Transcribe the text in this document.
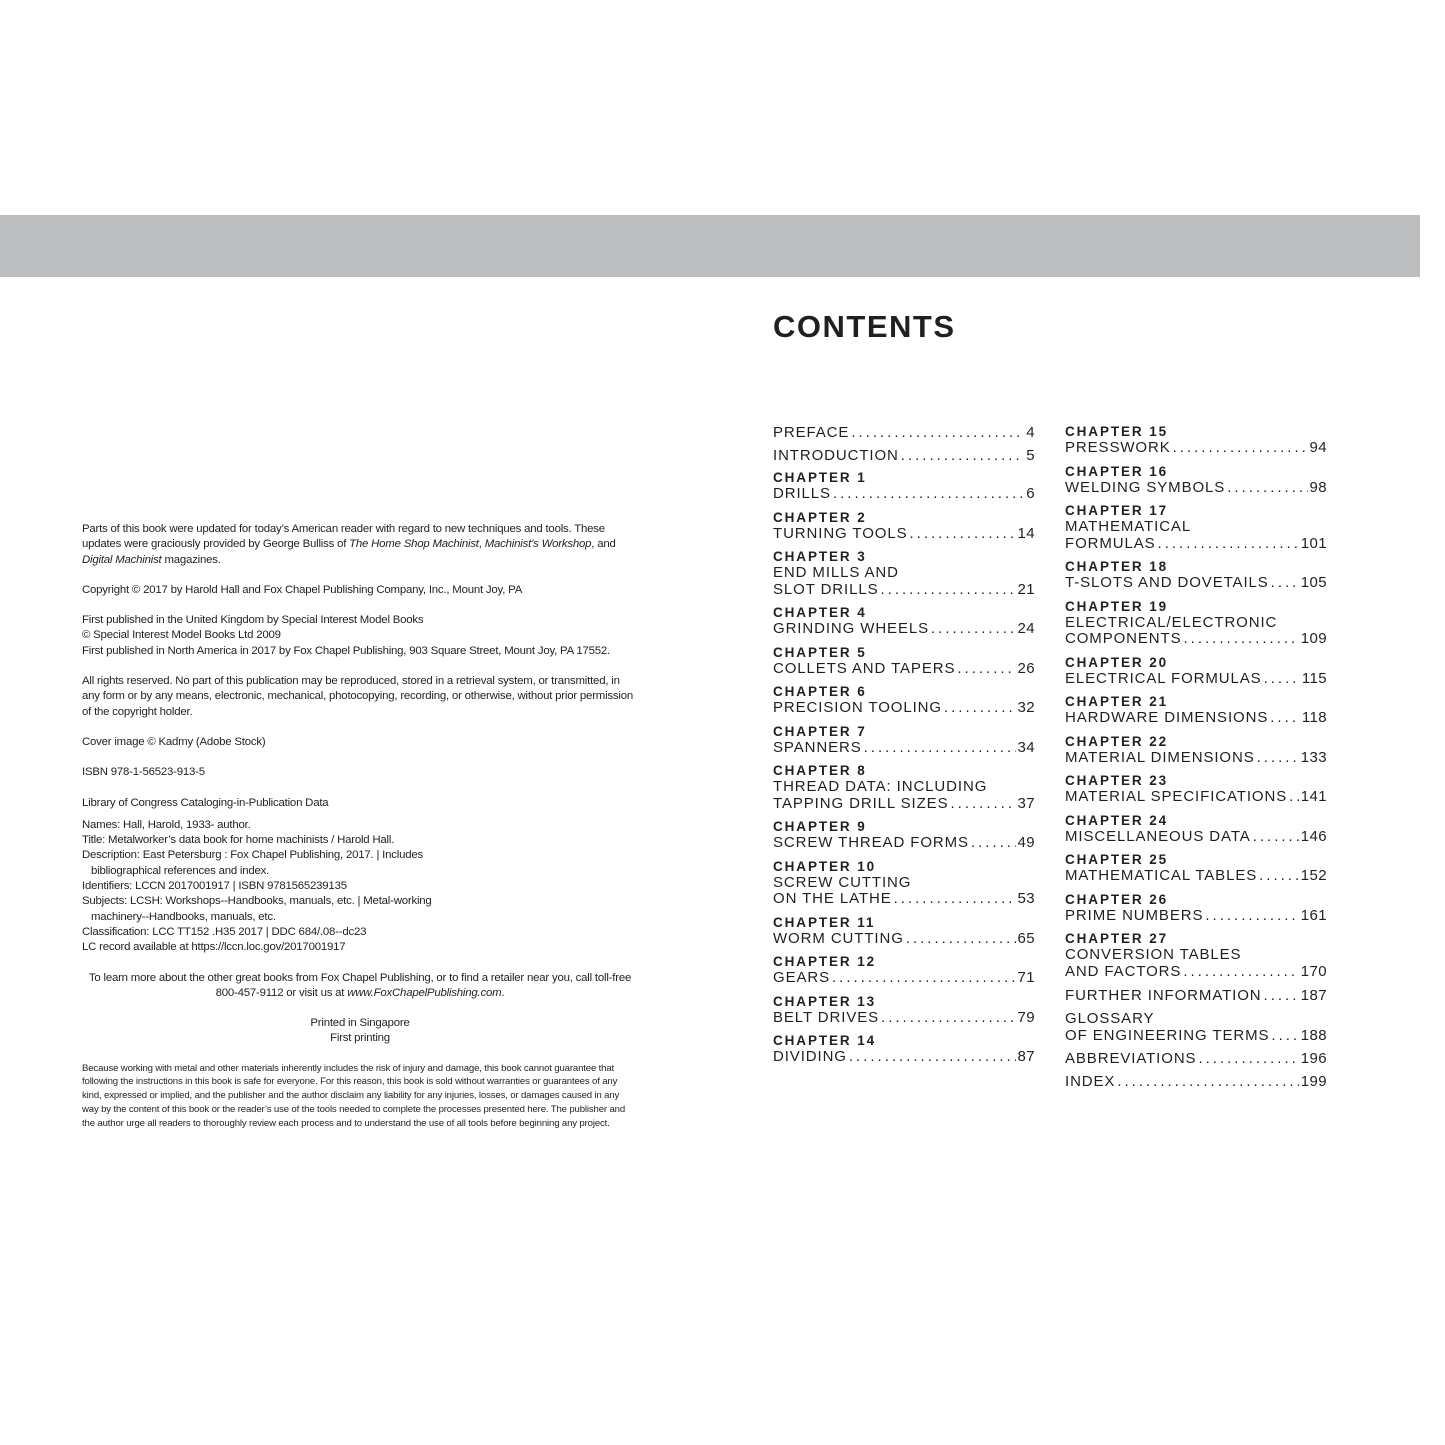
Parts of this book were updated for today’s American reader with regard to new techniques and tools. These updates were graciously provided by George Bulliss of The Home Shop Machinist, Machinist’s Workshop, and Digital Machinist magazines.

Copyright © 2017 by Harold Hall and Fox Chapel Publishing Company, Inc., Mount Joy, PA

First published in the United Kingdom by Special Interest Model Books

© Special Interest Model Books Ltd 2009

First published in North America in 2017 by Fox Chapel Publishing, 903 Square Street, Mount Joy, PA 17552.

All rights reserved. No part of this publication may be reproduced, stored in a retrieval system, or transmitted, in any form or by any means, electronic, mechanical, photocopying, recording, or otherwise, without prior permission of the copyright holder.

Cover image © Kadmy (Adobe Stock)

ISBN 978-1-56523-913-5

Library of Congress Cataloging-in-Publication Data

Names: Hall, Harold, 1933- author.

Title: Metalworker’s data book for home machinists / Harold Hall.

Description: East Petersburg : Fox Chapel Publishing, 2017. | Includes

bibliographical references and index.

Identifiers: LCCN 2017001917 | ISBN 9781565239135

Subjects: LCSH: Workshops--Handbooks, manuals, etc. | Metal-working

machinery--Handbooks, manuals, etc.

Classification: LCC TT152 .H35 2017 | DDC 684/.08--dc23

LC record available at https://lccn.loc.gov/2017001917

To learn more about the other great books from Fox Chapel Publishing, or to find a retailer near you, call toll-free 800-457-9112 or visit us at www.FoxChapelPublishing.com.

Printed in Singapore

First printing

Because working with metal and other materials inherently includes the risk of injury and damage, this book cannot guarantee that following the instructions in this book is safe for everyone. For this reason, this book is sold without warranties or guarantees of any kind, expressed or implied, and the publisher and the author disclaim any liability for any injuries, losses, or damages caused in any way by the content of this book or the reader’s use of the tools needed to complete the processes presented here. The publisher and the author urge all readers to thoroughly review each process and to understand the use of all tools before beginning any project.

CONTENTS
PREFACE .....	4
INTRODUCTION .....	5
CHAPTER 1
DRILLS .....	6
CHAPTER 2
TURNING TOOLS .....	14
CHAPTER 3
END MILLS AND
SLOT DRILLS .....	21
CHAPTER 4
GRINDING WHEELS .....	24
CHAPTER 5
COLLETS AND TAPERS .....	26
CHAPTER 6
PRECISION TOOLING .....	32
CHAPTER 7
SPANNERS .....	34
CHAPTER 8
THREAD DATA: INCLUDING
TAPPING DRILL SIZES .....	37
CHAPTER 9
SCREW THREAD FORMS .....	49
CHAPTER 10
SCREW CUTTING
ON THE LATHE .....	53
CHAPTER 11
WORM CUTTING .....	65
CHAPTER 12
GEARS .....	71
CHAPTER 13
BELT DRIVES .....	79
CHAPTER 14
DIVIDING .....	87
CHAPTER 15
PRESSWORK .....	94
CHAPTER 16
WELDING SYMBOLS .....	98
CHAPTER 17
MATHEMATICAL
FORMULAS .....	101
CHAPTER 18
T-SLOTS AND DOVETAILS ..... 105
CHAPTER 19
ELECTRICAL/ELECTRONIC
COMPONENTS .....	109
CHAPTER 20
ELECTRICAL FORMULAS .....	115
CHAPTER 21
HARDWARE DIMENSIONS ..... 118
CHAPTER 22
MATERIAL DIMENSIONS .....	133
CHAPTER 23
MATERIAL SPECIFICATIONS ..... 141
CHAPTER 24
MISCELLANEOUS DATA .....	146
CHAPTER 25
MATHEMATICAL TABLES .....	152
CHAPTER 26
PRIME NUMBERS .....	161
CHAPTER 27
CONVERSION TABLES
AND FACTORS .....	170
FURTHER INFORMATION .....	187
GLOSSARY
OF ENGINEERING TERMS ..... 188
ABBREVIATIONS .....	196
INDEX .....	199
